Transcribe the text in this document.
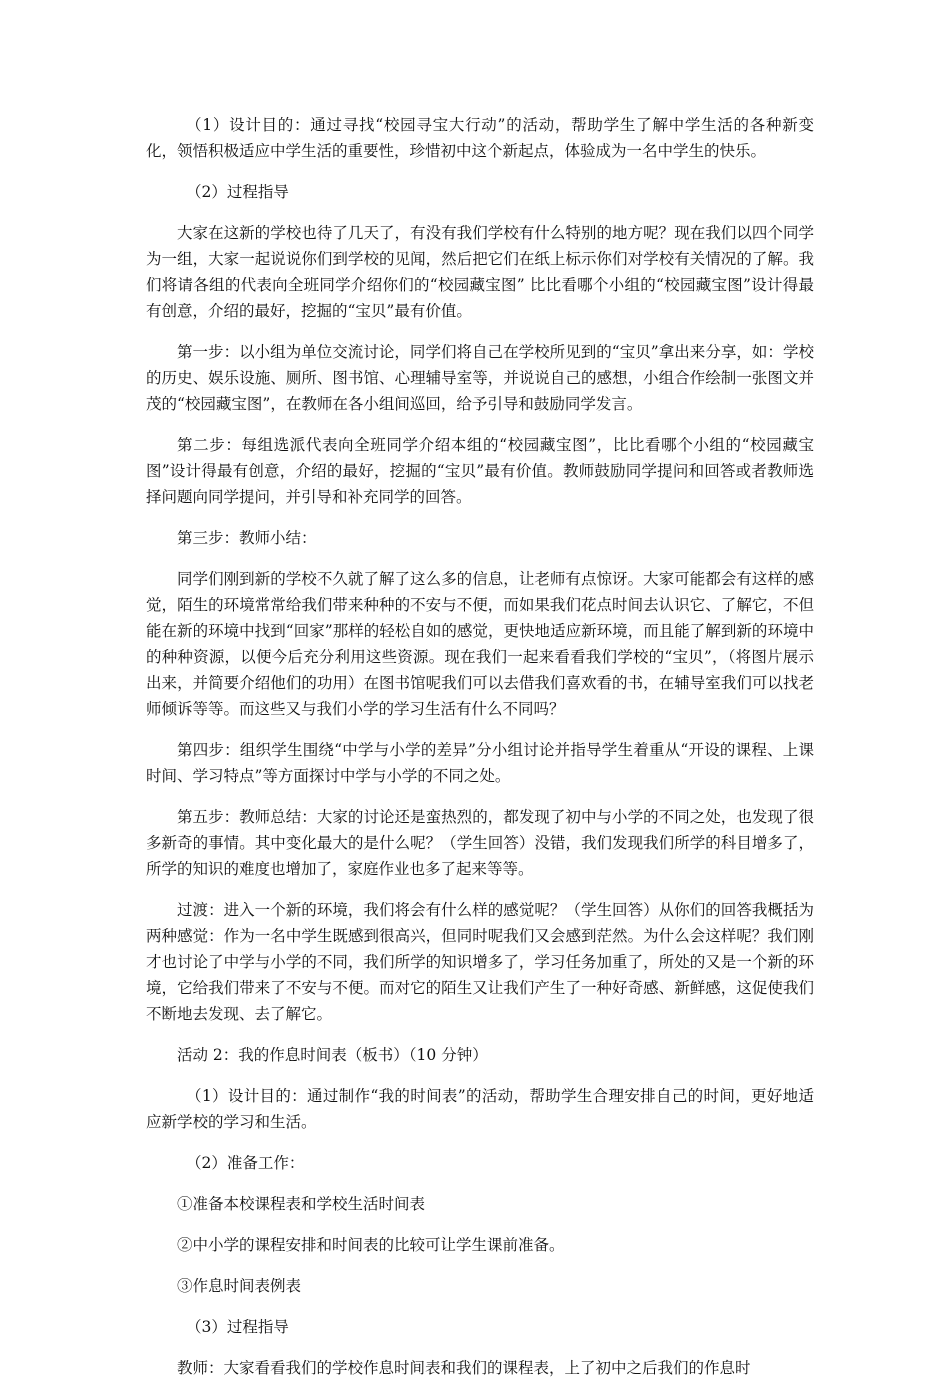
（1）设计目的：通过寻找“校园寻宝大行动”的活动，帮助学生了解中学生活的各种新变化，领悟积极适应中学生活的重要性，珍惜初中这个新起点，体验成为一名中学生的快乐。

（2）过程指导

大家在这新的学校也待了几天了，有没有我们学校有什么特别的地方呢？现在我们以四个同学为一组，大家一起说说你们到学校的见闻，然后把它们在纸上标示你们对学校有关情况的了解。我们将请各组的代表向全班同学介绍你们的“校园藏宝图” 比比看哪个小组的“校园藏宝图”设计得最有创意，介绍的最好，挖掘的“宝贝”最有价值。

第一步：以小组为单位交流讨论，同学们将自己在学校所见到的“宝贝”拿出来分享，如：学校的历史、娱乐设施、厕所、图书馆、心理辅导室等，并说说自己的感想，小组合作绘制一张图文并茂的“校园藏宝图”，在教师在各小组间巡回，给予引导和鼓励同学发言。

第二步：每组选派代表向全班同学介绍本组的“校园藏宝图”，比比看哪个小组的“校园藏宝图”设计得最有创意，介绍的最好，挖掘的“宝贝”最有价值。教师鼓励同学提问和回答或者教师选择问题向同学提问，并引导和补充同学的回答。

第三步：教师小结：

同学们刚到新的学校不久就了解了这么多的信息，让老师有点惊讶。大家可能都会有这样的感觉，陌生的环境常常给我们带来种种的不安与不便，而如果我们花点时间去认识它、了解它，不但能在新的环境中找到“回家”那样的轻松自如的感觉，更快地适应新环境，而且能了解到新的环境中的种种资源，以便今后充分利用这些资源。现在我们一起来看看我们学校的“宝贝”，（将图片展示出来，并简要介绍他们的功用）在图书馆呢我们可以去借我们喜欢看的书，在辅导室我们可以找老师倾诉等等。而这些又与我们小学的学习生活有什么不同吗？

第四步：组织学生围绕“中学与小学的差异”分小组讨论并指导学生着重从“开设的课程、上课时间、学习特点”等方面探讨中学与小学的不同之处。

第五步：教师总结：大家的讨论还是蛮热烈的，都发现了初中与小学的不同之处，也发现了很多新奇的事情。其中变化最大的是什么呢？（学生回答）没错，我们发现我们所学的科目增多了，所学的知识的难度也增加了，家庭作业也多了起来等等。

过渡：进入一个新的环境，我们将会有什么样的感觉呢？（学生回答）从你们的回答我概括为两种感觉：作为一名中学生既感到很高兴，但同时呢我们又会感到茫然。为什么会这样呢？我们刚才也讨论了中学与小学的不同，我们所学的知识增多了，学习任务加重了，所处的又是一个新的环境，它给我们带来了不安与不便。而对它的陌生又让我们产生了一种好奇感、新鲜感，这促使我们不断地去发现、去了解它。

活动 2：我的作息时间表（板书）（10 分钟）

（1）设计目的：通过制作“我的时间表”的活动，帮助学生合理安排自己的时间，更好地适应新学校的学习和生活。

（2）准备工作：

①准备本校课程表和学校生活时间表

②中小学的课程安排和时间表的比较可让学生课前准备。

③作息时间表例表

（3）过程指导

教师：大家看看我们的学校作息时间表和我们的课程表，上了初中之后我们的作息时
